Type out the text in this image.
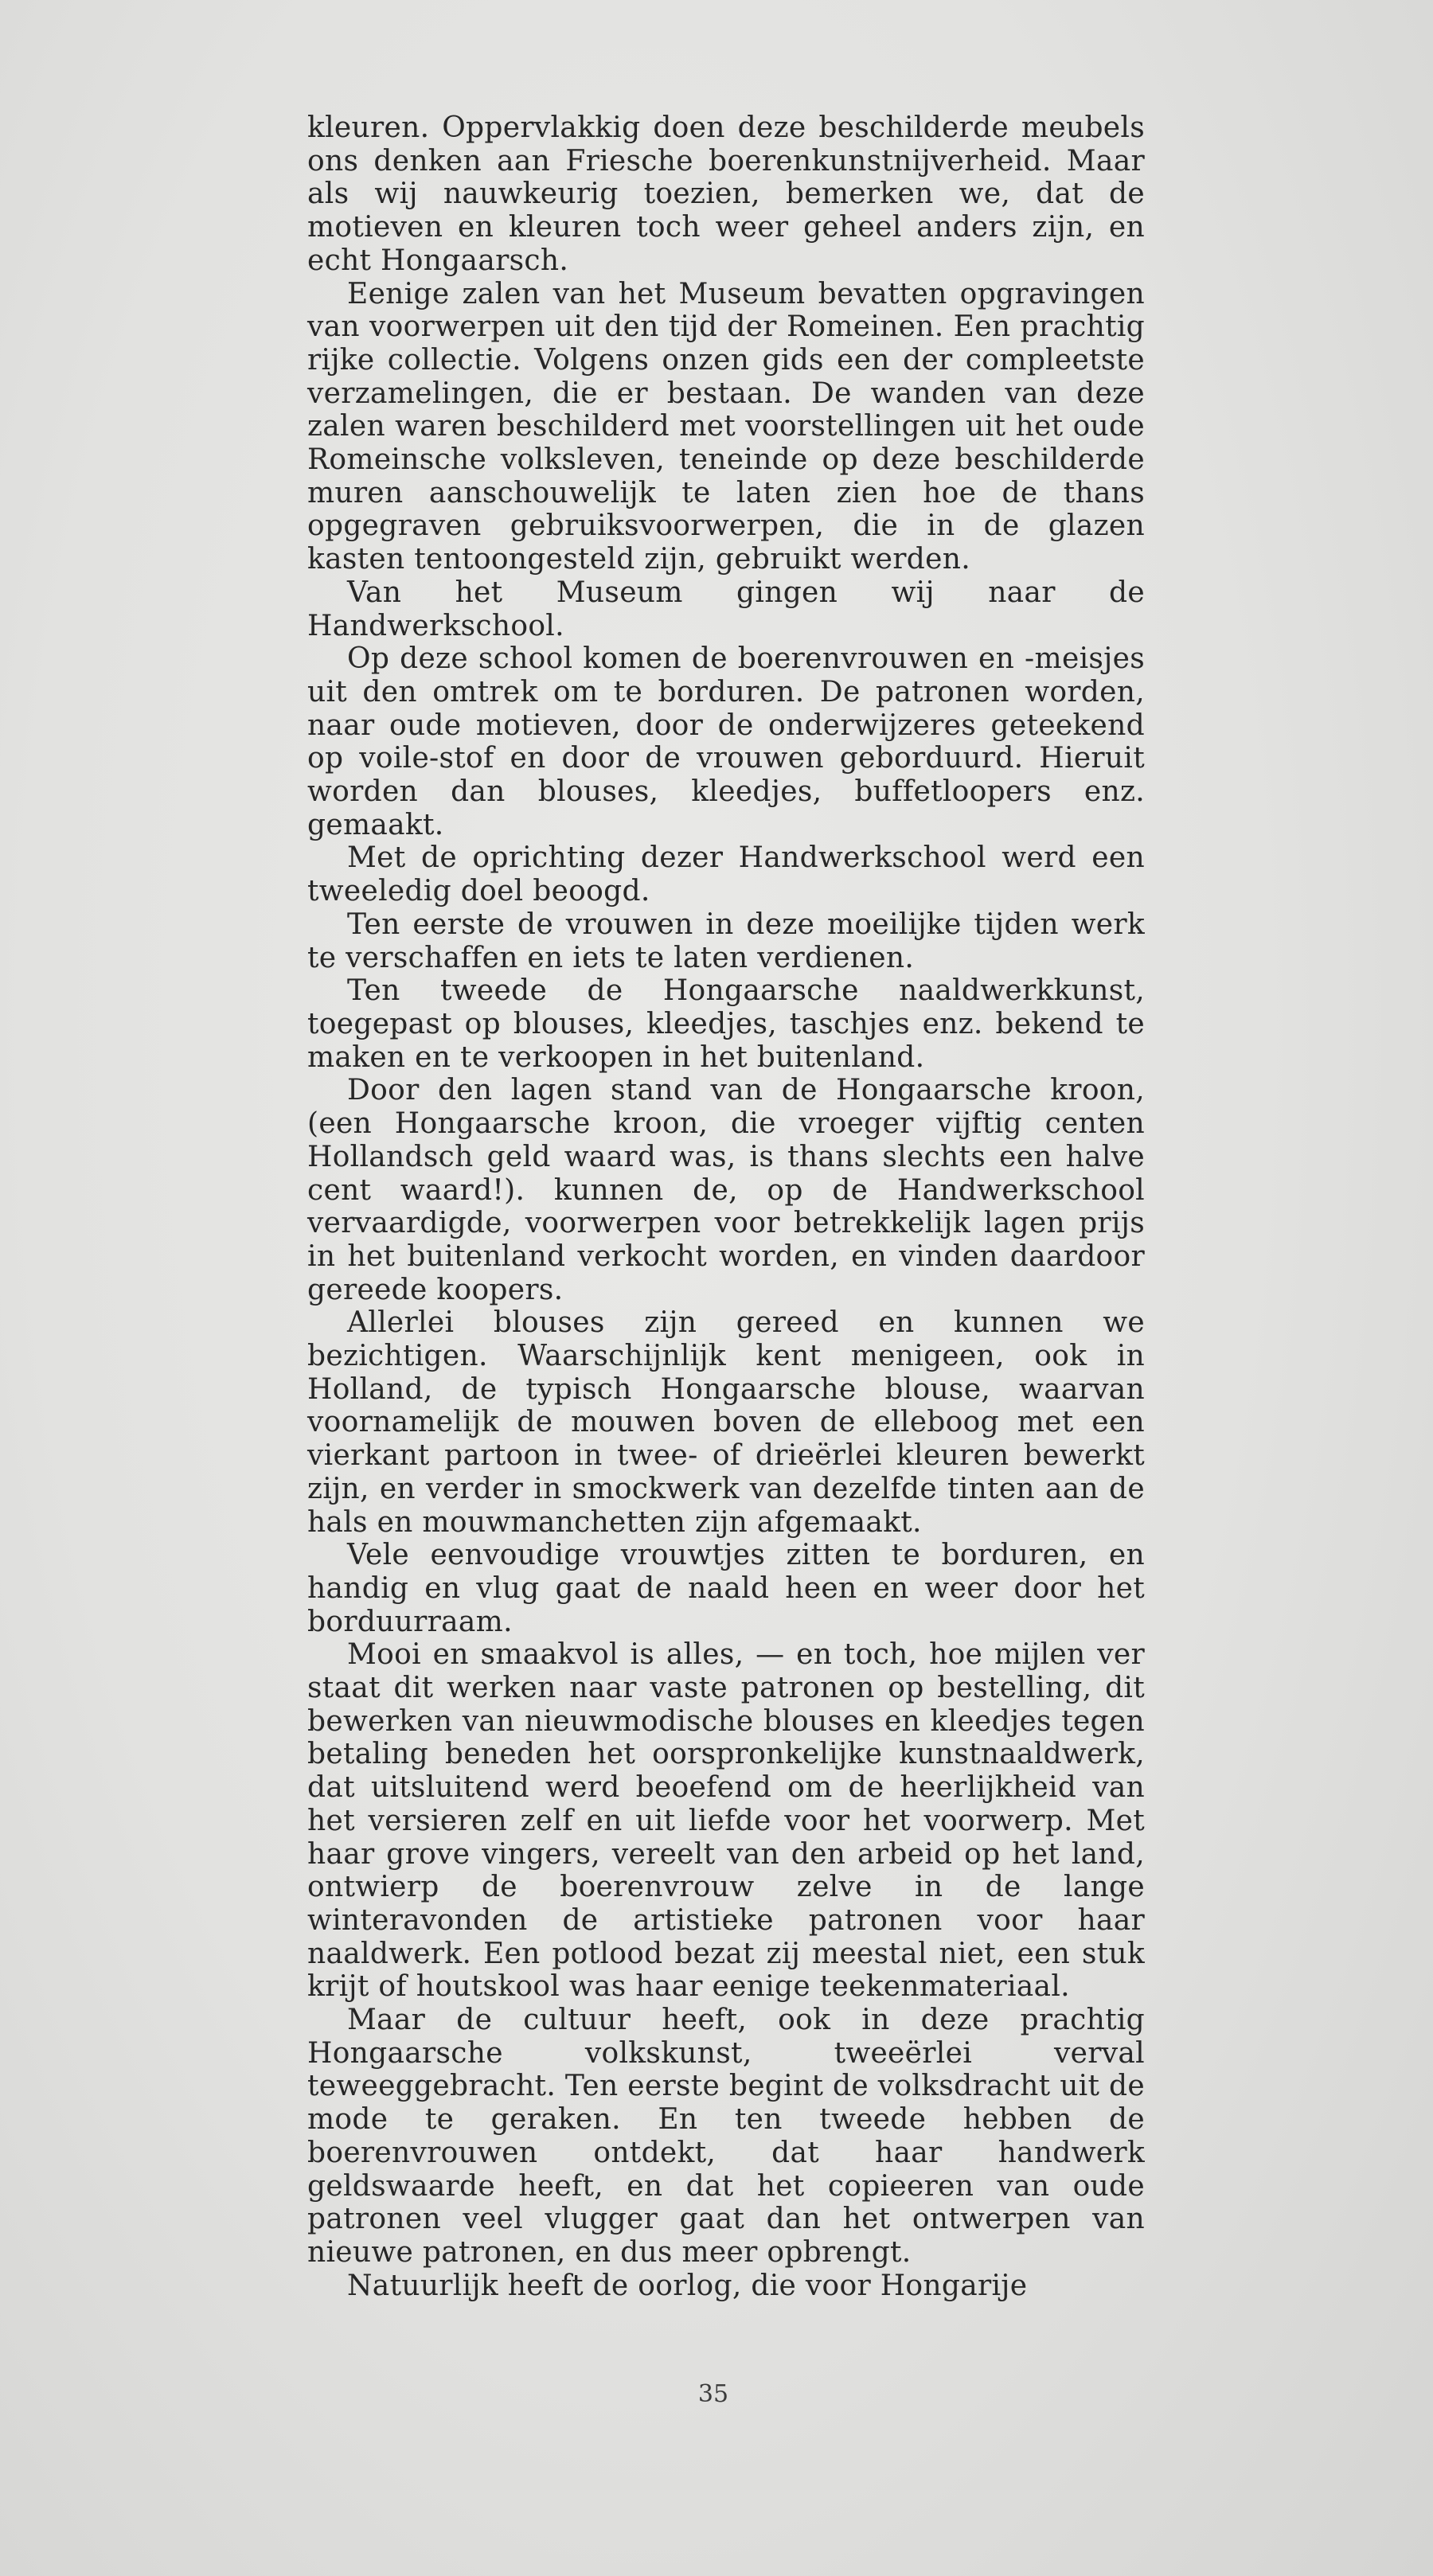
kleuren. Oppervlakkig doen deze beschilderde meubels ons denken aan Friesche boerenkunstnijverheid. Maar als wij nauwkeurig toezien, bemerken we, dat de motieven en kleuren toch weer geheel anders zijn, en echt Hongaarsch.

Eenige zalen van het Museum bevatten opgravingen van voorwerpen uit den tijd der Romeinen. Een prachtig rijke collectie. Volgens onzen gids een der compleetste verzamelingen, die er bestaan. De wanden van deze zalen waren beschilderd met voorstellingen uit het oude Romeinsche volksleven, teneinde op deze beschilderde muren aanschouwelijk te laten zien hoe de thans opgegraven gebruiksvoorwerpen, die in de glazen kasten tentoongesteld zijn, gebruikt werden.

Van het Museum gingen wij naar de Handwerkschool.

Op deze school komen de boerenvrouwen en -meisjes uit den omtrek om te borduren. De patronen worden, naar oude motieven, door de onderwijzeres geteekend op voile-stof en door de vrouwen geborduurd. Hieruit worden dan blouses, kleedjes, buffetloopers enz. gemaakt.

Met de oprichting dezer Handwerkschool werd een tweeledig doel beoogd.

Ten eerste de vrouwen in deze moeilijke tijden werk te verschaffen en iets te laten verdienen.

Ten tweede de Hongaarsche naaldwerkkunst, toegepast op blouses, kleedjes, taschjes enz. bekend te maken en te verkoopen in het buitenland.

Door den lagen stand van de Hongaarsche kroon, (een Hongaarsche kroon, die vroeger vijftig centen Hollandsch geld waard was, is thans slechts een halve cent waard!). kunnen de, op de Handwerkschool vervaardigde, voorwerpen voor betrekkelijk lagen prijs in het buitenland verkocht worden, en vinden daardoor gereede koopers.

Allerlei blouses zijn gereed en kunnen we bezichtigen. Waarschijnlijk kent menigeen, ook in Holland, de typisch Hongaarsche blouse, waarvan voornamelijk de mouwen boven de elleboog met een vierkant partoon in twee- of drieërlei kleuren bewerkt zijn, en verder in smockwerk van dezelfde tinten aan de hals en mouwmanchetten zijn afgemaakt.

Vele eenvoudige vrouwtjes zitten te borduren, en handig en vlug gaat de naald heen en weer door het borduurraam.

Mooi en smaakvol is alles, — en toch, hoe mijlen ver staat dit werken naar vaste patronen op bestelling, dit bewerken van nieuwmodische blouses en kleedjes tegen betaling beneden het oorspronkelijke kunstnaaldwerk, dat uitsluitend werd beoefend om de heerlijkheid van het versieren zelf en uit liefde voor het voorwerp. Met haar grove vingers, vereelt van den arbeid op het land, ontwierp de boerenvrouw zelve in de lange winteravonden de artistieke patronen voor haar naaldwerk. Een potlood bezat zij meestal niet, een stuk krijt of houtskool was haar eenige teekenmateriaal.

Maar de cultuur heeft, ook in deze prachtig Hongaarsche volkskunst, tweeërlei verval teweeggebracht. Ten eerste begint de volksdracht uit de mode te geraken. En ten tweede hebben de boerenvrouwen ontdekt, dat haar handwerk geldswaarde heeft, en dat het copieeren van oude patronen veel vlugger gaat dan het ontwerpen van nieuwe patronen, en dus meer opbrengt.

Natuurlijk heeft de oorlog, die voor Hongarije

35
